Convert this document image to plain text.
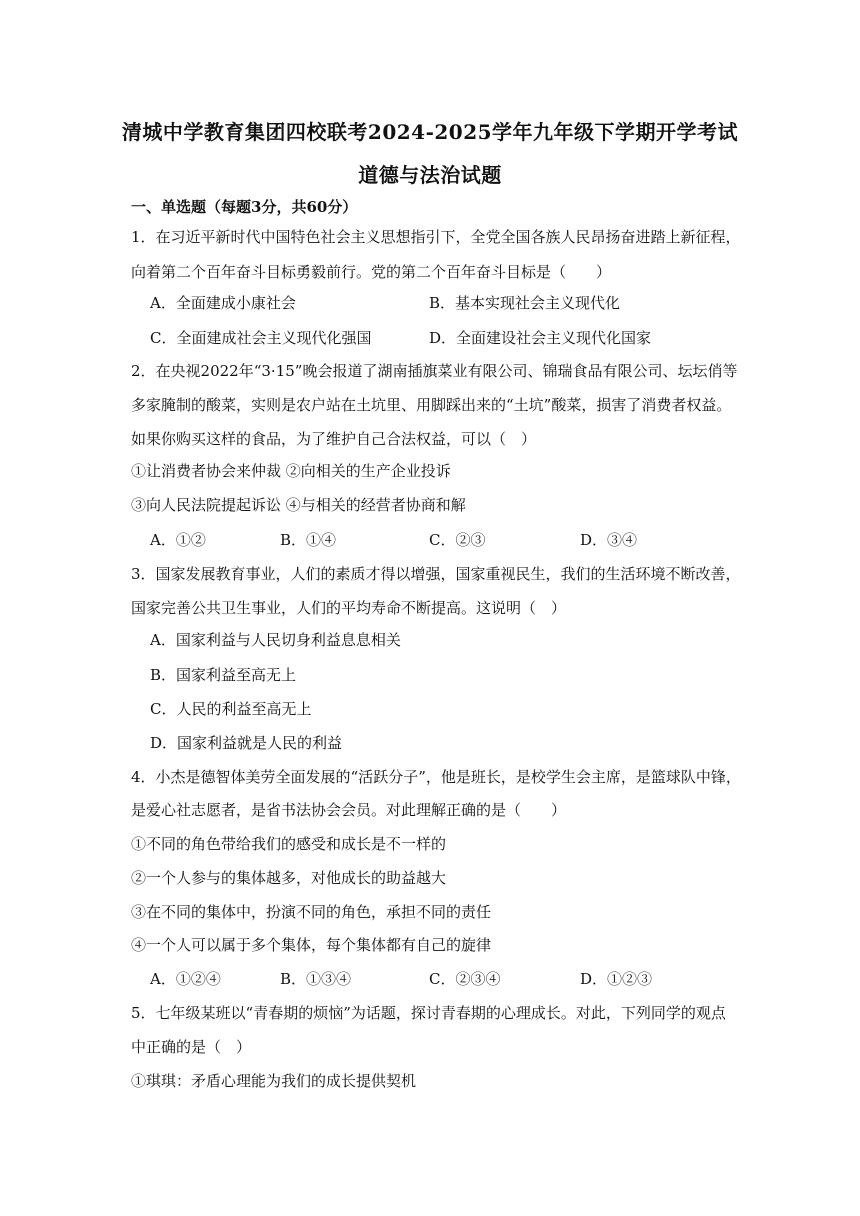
清城中学教育集团四校联考2024-2025学年九年级下学期开学考试
道德与法治试题
一、单选题（每题3分，共60分）
1．在习近平新时代中国特色社会主义思想指引下，全党全国各族人民昂扬奋进踏上新征程，
向着第二个百年奋斗目标勇毅前行。党的第二个百年奋斗目标是（　　）
A．全面建成小康社会	B．基本实现社会主义现代化
C．全面建成社会主义现代化强国	D．全面建设社会主义现代化国家
2．在央视2022年“3·15”晚会报道了湖南插旗菜业有限公司、锦瑞食品有限公司、坛坛俏等
多家腌制的酸菜，实则是农户站在土坑里、用脚踩出来的“土坑”酸菜，损害了消费者权益。
如果你购买这样的食品，为了维护自己合法权益，可以（　）
①让消费者协会来仲裁 ②向相关的生产企业投诉
③向人民法院提起诉讼 ④与相关的经营者协商和解
A．①②	B．①④	C．②③	D．③④
3．国家发展教育事业，人们的素质才得以增强，国家重视民生，我们的生活环境不断改善，
国家完善公共卫生事业，人们的平均寿命不断提高。这说明（　）
A．国家利益与人民切身利益息息相关
B．国家利益至高无上
C．人民的利益至高无上
D．国家利益就是人民的利益
4．小杰是德智体美劳全面发展的“活跃分子”，他是班长，是校学生会主席，是篮球队中锋，
是爱心社志愿者，是省书法协会会员。对此理解正确的是（　　）
①不同的角色带给我们的感受和成长是不一样的
②一个人参与的集体越多，对他成长的助益越大
③在不同的集体中，扮演不同的角色，承担不同的责任
④一个人可以属于多个集体，每个集体都有自己的旋律
A．①②④	B．①③④	C．②③④	D．①②③
5．七年级某班以“青春期的烦恼”为话题，探讨青春期的心理成长。对此，下列同学的观点
中正确的是（　）
①琪琪：矛盾心理能为我们的成长提供契机
